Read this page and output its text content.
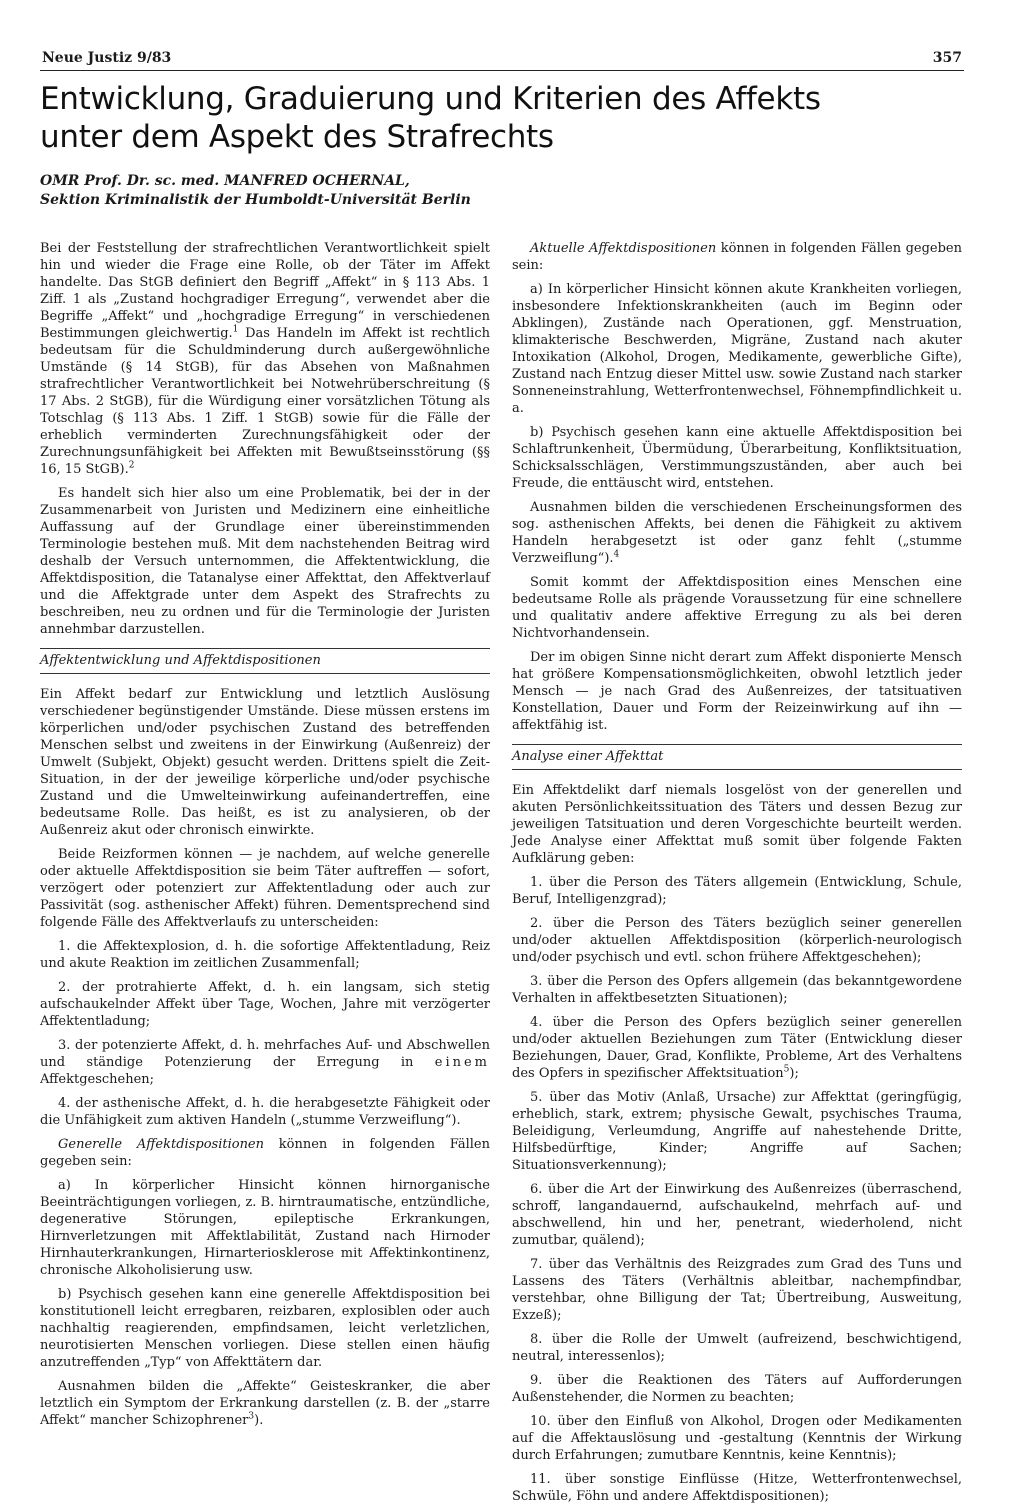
Neue Justiz 9/83	357
Entwicklung, Graduierung und Kriterien des Affekts
unter dem Aspekt des Strafrechts
OMR Prof. Dr. sc. med. MANFRED OCHERNAL,
Sektion Kriminalistik der Humboldt-Universität Berlin

Bei der Feststellung der strafrechtlichen Verantwortlichkeit spielt hin und wieder die Frage eine Rolle, ob der Täter im Affekt handelte. Das StGB definiert den Begriff „Affekt“ in § 113 Abs. 1 Ziff. 1 als „Zustand hochgradiger Erregung“, verwendet aber die Begriffe „Affekt“ und „hochgradige Erregung“ in verschiedenen Bestimmungen gleichwertig.$^1$ Das Handeln im Affekt ist rechtlich bedeutsam für die Schuldminderung durch außergewöhnliche Umstände (§ 14 StGB), für das Absehen von Maßnahmen strafrechtlicher Verantwortlichkeit bei Notwehrüberschreitung (§ 17 Abs. 2 StGB), für die Würdigung einer vorsätzlichen Tötung als Totschlag (§ 113 Abs. 1 Ziff. 1 StGB) sowie für die Fälle der erheblich verminderten Zurechnungsfähigkeit oder der Zurechnungsunfähigkeit bei Affekten mit Bewußtseinsstörung (§§ 16, 15 StGB).$^2$

Es handelt sich hier also um eine Problematik, bei der in der Zusammenarbeit von Juristen und Medizinern eine einheitliche Auffassung auf der Grundlage einer übereinstimmenden Terminologie bestehen muß. Mit dem nachstehenden Beitrag wird deshalb der Versuch unternommen, die Affektentwicklung, die Affektdisposition, die Tatanalyse einer Affekttat, den Affektverlauf und die Affektgrade unter dem Aspekt des Strafrechts zu beschreiben, neu zu ordnen und für die Terminologie der Juristen annehmbar darzustellen.

Affektentwicklung und Affektdispositionen

Ein Affekt bedarf zur Entwicklung und letztlich Auslösung verschiedener begünstigender Umstände. Diese müssen erstens im körperlichen und/oder psychischen Zustand des betreffenden Menschen selbst und zweitens in der Einwirkung (Außenreiz) der Umwelt (Subjekt, Objekt) gesucht werden. Drittens spielt die Zeit-Situation, in der der jeweilige körperliche und/oder psychische Zustand und die Umwelteinwirkung aufeinandertreffen, eine bedeutsame Rolle. Das heißt, es ist zu analysieren, ob der Außenreiz akut oder chronisch einwirkte.

Beide Reizformen können — je nachdem, auf welche generelle oder aktuelle Affektdisposition sie beim Täter auftreffen — sofort, verzögert oder potenziert zur Affektentladung oder auch zur Passivität (sog. asthenischer Affekt) führen. Dementsprechend sind folgende Fälle des Affektverlaufs zu unterscheiden:

1. die Affektexplosion, d. h. die sofortige Affektentladung, Reiz und akute Reaktion im zeitlichen Zusammenfall;

2. der protrahierte Affekt, d. h. ein langsam, sich stetig aufschaukelnder Affekt über Tage, Wochen, Jahre mit verzögerter Affektentladung;

3. der potenzierte Affekt, d. h. mehrfaches Auf- und Abschwellen und ständige Potenzierung der Erregung in einem Affektgeschehen;

4. der asthenische Affekt, d. h. die herabgesetzte Fähigkeit oder die Unfähigkeit zum aktiven Handeln („stumme Verzweiflung“).

Generelle Affektdispositionen können in folgenden Fällen gegeben sein:

a) In körperlicher Hinsicht können hirnorganische Beeinträchtigungen vorliegen, z. B. hirntraumatische, entzündliche, degenerative Störungen, epileptische Erkrankungen, Hirnverletzungen mit Affektlabilität, Zustand nach Hirnoder Hirnhauterkrankungen, Hirnarteriosklerose mit Affektinkontinenz, chronische Alkoholisierung usw.

b) Psychisch gesehen kann eine generelle Affektdisposition bei konstitutionell leicht erregbaren, reizbaren, explosiblen oder auch nachhaltig reagierenden, empfindsamen, leicht verletzlichen, neurotisierten Menschen vorliegen. Diese stellen einen häufig anzutreffenden „Typ“ von Affekttätern dar.

Ausnahmen bilden die „Affekte“ Geisteskranker, die aber letztlich ein Symptom der Erkrankung darstellen (z. B. der „starre Affekt“ mancher Schizophrener$^3$).

Aktuelle Affektdispositionen können in folgenden Fällen gegeben sein:

a) In körperlicher Hinsicht können akute Krankheiten vorliegen, insbesondere Infektionskrankheiten (auch im Beginn oder Abklingen), Zustände nach Operationen, ggf. Menstruation, klimakterische Beschwerden, Migräne, Zustand nach akuter Intoxikation (Alkohol, Drogen, Medikamente, gewerbliche Gifte), Zustand nach Entzug dieser Mittel usw. sowie Zustand nach starker Sonneneinstrahlung, Wetterfrontenwechsel, Föhnempfindlichkeit u. a.

b) Psychisch gesehen kann eine aktuelle Affektdisposition bei Schlaftrunkenheit, Übermüdung, Überarbeitung, Konfliktsituation, Schicksalsschlägen, Verstimmungszuständen, aber auch bei Freude, die enttäuscht wird, entstehen.

Ausnahmen bilden die verschiedenen Erscheinungsformen des sog. asthenischen Affekts, bei denen die Fähigkeit zu aktivem Handeln herabgesetzt ist oder ganz fehlt („stumme Verzweiflung“).$^4$

Somit kommt der Affektdisposition eines Menschen eine bedeutsame Rolle als prägende Voraussetzung für eine schnellere und qualitativ andere affektive Erregung zu als bei deren Nichtvorhandensein.

Der im obigen Sinne nicht derart zum Affekt disponierte Mensch hat größere Kompensationsmöglichkeiten, obwohl letztlich jeder Mensch — je nach Grad des Außenreizes, der tatsituativen Konstellation, Dauer und Form der Reizeinwirkung auf ihn — affektfähig ist.

Analyse einer Affekttat

Ein Affektdelikt darf niemals losgelöst von der generellen und akuten Persönlichkeitssituation des Täters und dessen Bezug zur jeweiligen Tatsituation und deren Vorgeschichte beurteilt werden. Jede Analyse einer Affekttat muß somit über folgende Fakten Aufklärung geben:

1. über die Person des Täters allgemein (Entwicklung, Schule, Beruf, Intelligenzgrad);

2. über die Person des Täters bezüglich seiner generellen und/oder aktuellen Affektdisposition (körperlich-neurologisch und/oder psychisch und evtl. schon frühere Affektgeschehen);

3. über die Person des Opfers allgemein (das bekanntgewordene Verhalten in affektbesetzten Situationen);

4. über die Person des Opfers bezüglich seiner generellen und/oder aktuellen Beziehungen zum Täter (Entwicklung dieser Beziehungen, Dauer, Grad, Konflikte, Probleme, Art des Verhaltens des Opfers in spezifischer Affektsituation$^5$);

5. über das Motiv (Anlaß, Ursache) zur Affekttat (geringfügig, erheblich, stark, extrem; physische Gewalt, psychisches Trauma, Beleidigung, Verleumdung, Angriffe auf nahestehende Dritte, Hilfsbedürftige, Kinder; Angriffe auf Sachen; Situationsverkennung);

6. über die Art der Einwirkung des Außenreizes (überraschend, schroff, langandauernd, aufschaukelnd, mehrfach auf- und abschwellend, hin und her, penetrant, wiederholend, nicht zumutbar, quälend);

7. über das Verhältnis des Reizgrades zum Grad des Tuns und Lassens des Täters (Verhältnis ableitbar, nachempfindbar, verstehbar, ohne Billigung der Tat; Übertreibung, Ausweitung, Exzeß);

8. über die Rolle der Umwelt (aufreizend, beschwichtigend, neutral, interessenlos);

9. über die Reaktionen des Täters auf Aufforderungen Außenstehender, die Normen zu beachten;

10. über den Einfluß von Alkohol, Drogen oder Medikamenten auf die Affektauslösung und -gestaltung (Kenntnis der Wirkung durch Erfahrungen; zumutbare Kenntnis, keine Kenntnis);

11. über sonstige Einflüsse (Hitze, Wetterfrontenwechsel, Schwüle, Föhn und andere Affektdispositionen);
